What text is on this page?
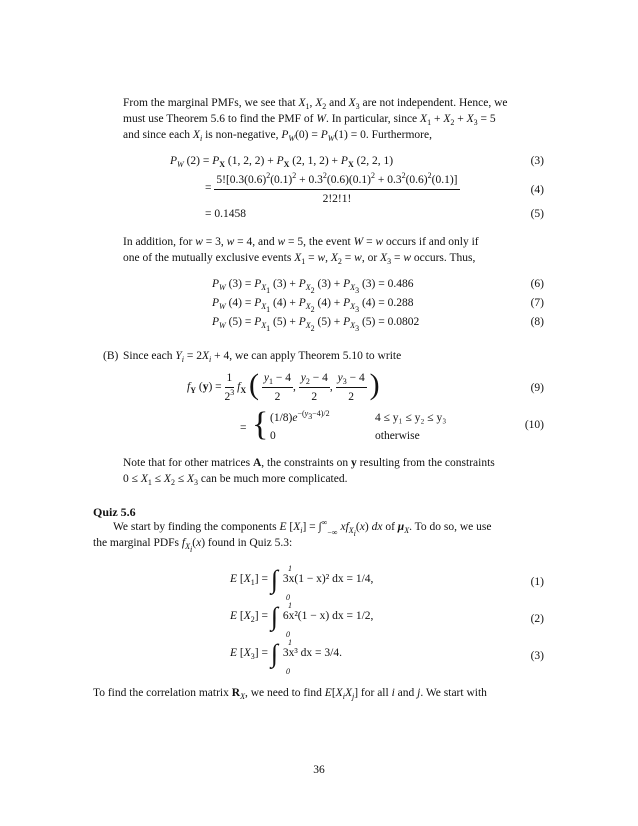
From the marginal PMFs, we see that $X_1$, $X_2$ and $X_3$ are not independent. Hence, we
must use Theorem 5.6 to find the PMF of W. In particular, since $X_1 + X_2 + X_3 = 5$
and since each $X_i$ is non-negative, $P_W(0) = P_W(1) = 0$. Furthermore,
$P_W$ $(2) = P_X$ (1, 2, $2) + P_X$ (2, 1, $2) + P_X$ (2, 2, 1)	(3)
= $\frac{5![0.3(0.6)^2(0.1)^2 + 0.3^2(0.6)(0.1)^2 + 0.3^2(0.6)^2(0.1)]}{2!2!1!}$	(4)
= 0.1458	(5)
In addition, for w = 3, w = 4, and w = 5, the event W = w occurs if and only if
one of the mutually exclusive events $X_1 = w$, $X_2 = w$, or $X_3 = w$ occurs. Thus,
$P_W$ $(3) = P_{X_1}$ $(3) + P_{X_2}$ $(3) + P_{X_3}$ (3) = 0.486	(6)
$P_W$ $(4) = P_{X_1}$ $(4) + P_{X_2}$ $(4) + P_{X_3}$ (4) = 0.288	(7)
$P_W$ $(5) = P_{X_1}$ $(5) + P_{X_2}$ $(5) + P_{X_3}$ (5) = 0.0802	(8)
(B) Since each $Y_i = 2X_i + 4$, we can apply Theorem 5.10 to write
$f_Y$ $(y) = \frac{1}{2^3} f_X$ ( $\frac{y_1 - 4}{2}$ , $\frac{y_2 - 4}{2}$ , $\frac{y_3 - 4}{2}$ )	(9)
= { $(1/8)e^{-(y_3-4)/2}$	4 ≤ y₁ ≤ y₂ ≤ y₃
0	otherwise
(10)
Note that for other matrices A, the constraints on y resulting from the constraints
$0 \le X_1 \le X_2 \le X_3$ can be much more complicated.
Quiz 5.6
We start by finding the components E $[X_i] = \int^\infty_{-\infty}$ $xf_{X_i}(x)$ dx of $\mu_X$. To do so, we use
the marginal PDFs $f_{X_i}(x)$ found in Quiz 5.3:
E $[X_1]$ = ∫ 3x(1 − x)² dx = 1/4,
1
0
(1)
E $[X_2]$ = ∫ 6x²(1 − x) dx = 1/2,
1
0
(2)
E $[X_3]$ = ∫ 3x³ dx = 3/4.
1
0
(3)
To find the correlation matrix $R_X$, we need to find $E[X_iX_j]$ for all i and j. We start with
36
